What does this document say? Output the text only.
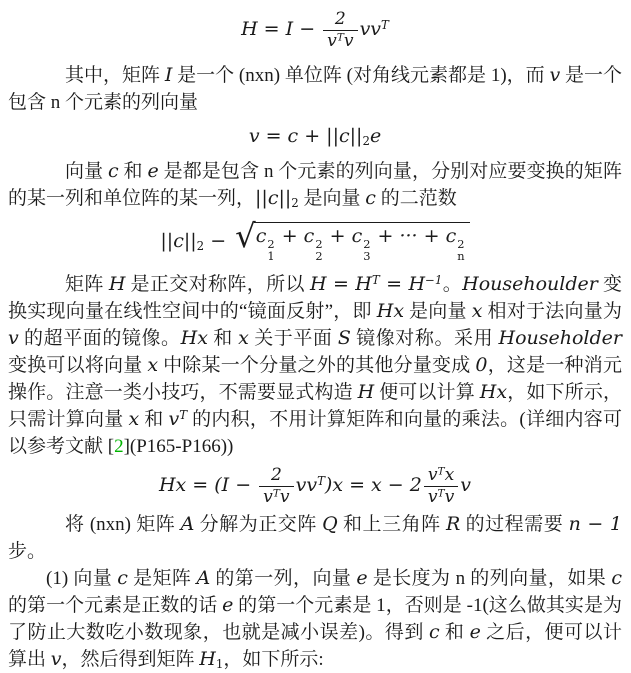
$H = I - \frac{2}{v^Tv} vv^T$

其中，矩阵 I 是一个 (nxn) 单位阵 (对角线元素都是 1)，而 v 是一个包含 n 个元素的列向量

$v = c + ||c||_2e$

向量 c 和 e 是都是包含 n 个元素的列向量，分别对应要变换的矩阵的某一列和单位阵的某一列，$||c||_2$ 是向量 c 的二范数

$||c||_2$ − √ c 2
1
+ c 2
2
+ c 2
3
+ ··· + c 2
n

矩阵 H 是正交对称阵，所以 $H = H^T = H^{-1}$。Househoulder 变换实现向量在线性空间中的“镜面反射”，即 Hx 是向量 x 相对于法向量为 v 的超平面的镜像。Hx 和 x 关于平面 S 镜像对称。采用 Householder 变换可以将向量 x 中除某一个分量之外的其他分量变成 0，这是一种消元操作。注意一类小技巧，不需要显式构造 H 便可以计算 Hx，如下所示，只需计算向量 x 和 $v^T$ 的内积，不用计算矩阵和向量的乘法。(详细内容可以参考文献 [2](P165-P166))

$Hx = (I - \frac{2}{v^Tv} vv^T)x = x - 2 \frac{v^Tx}{v^Tv}$ v

将 (nxn) 矩阵 A 分解为正交阵 Q 和上三角阵 R 的过程需要 n − 1 步。

(1) 向量 c 是矩阵 A 的第一列，向量 e 是长度为 n 的列向量，如果 c 的第一个元素是正数的话 e 的第一个元素是 1，否则是 -1(这么做其实是为了防止大数吃小数现象，也就是减小误差)。得到 c 和 e 之后，便可以计算出 v，然后得到矩阵 $H_1$，如下所示:
